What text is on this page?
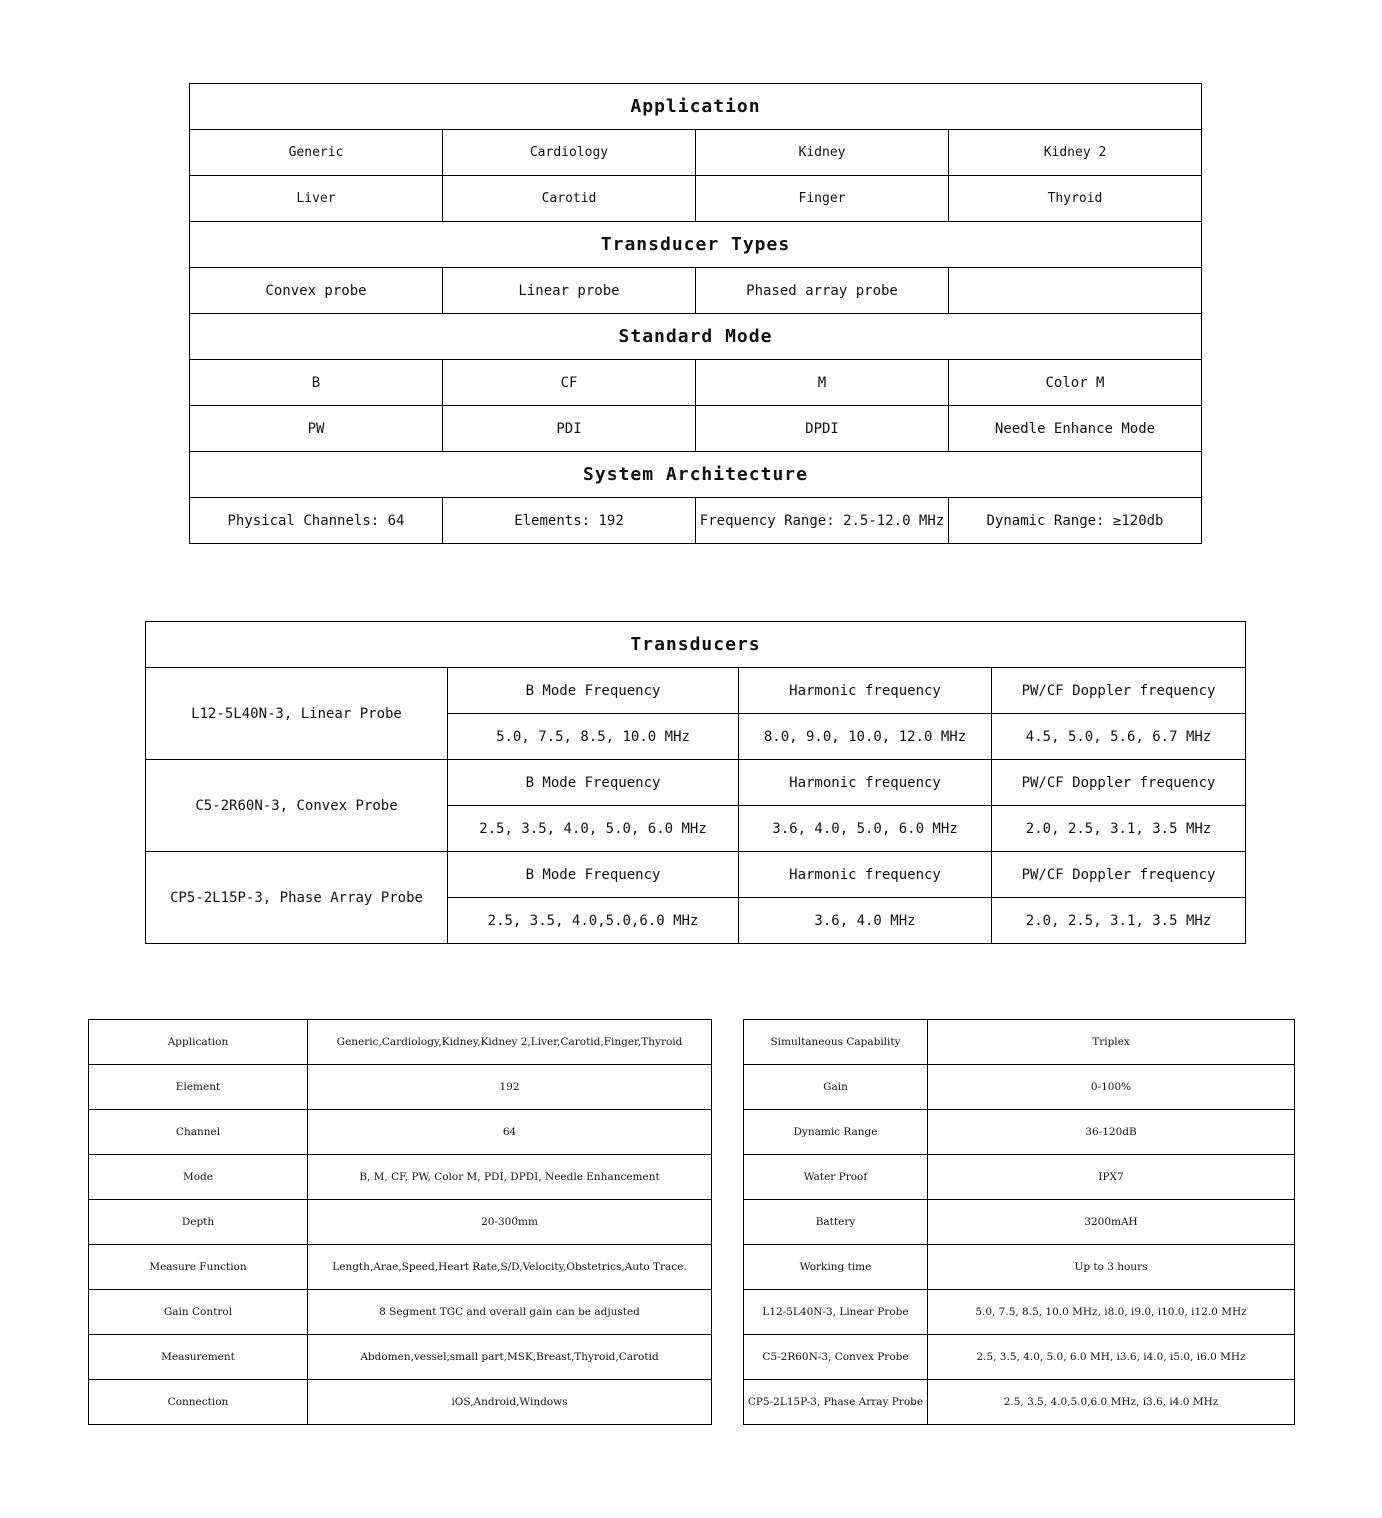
Application			
Generic	Cardiology	Kidney	Kidney 2
Liver	Carotid	Finger	Thyroid
Transducer Types			
Convex probe	Linear probe	Phased array probe	
Standard Mode			
B	CF	M	Color M
PW	PDI	DPDI	Needle Enhance Mode
System Architecture			
Physical Channels: 64	Elements: 192	Frequency Range: 2.5-12.0 MHz	Dynamic Range: ≥120db
Transducers			
L12-5L40N-3, Linear Probe	B Mode Frequency	Harmonic frequency	PW/CF Doppler frequency
	5.0, 7.5, 8.5, 10.0 MHz	8.0, 9.0, 10.0, 12.0 MHz	4.5, 5.0, 5.6, 6.7 MHz
C5-2R60N-3, Convex Probe	B Mode Frequency	Harmonic frequency	PW/CF Doppler frequency
	2.5, 3.5, 4.0, 5.0, 6.0 MHz	3.6, 4.0, 5.0, 6.0 MHz	2.0, 2.5, 3.1, 3.5 MHz
CP5-2L15P-3, Phase Array Probe	B Mode Frequency	Harmonic frequency	PW/CF Doppler frequency
	2.5, 3.5, 4.0,5.0,6.0 MHz	3.6, 4.0 MHz	2.0, 2.5, 3.1, 3.5 MHz
Application	Generic,Cardiology,Kidney,Kidney 2,Liver,Carotid,Finger,Thyroid
Element	192
Channel	64
Mode	B, M, CF, PW, Color M, PDI, DPDI, Needle Enhancement
Depth	20-300mm
Measure Function	Length,Arae,Speed,Heart Rate,S/D,Velocity,Obstetrics,Auto Trace.
Gain Control	8 Segment TGC and overall gain can be adjusted
Measurement	Abdomen,vessel,small part,MSK,Breast,Thyroid,Carotid
Connection	iOS,Android,Windows
Simultaneous Capability	Triplex
Gain	0-100%
Dynamic Range	36-120dB
Water Proof	IPX7
Battery	3200mAH
Working time	Up to 3 hours
L12-5L40N-3, Linear Probe	5.0, 7.5, 8.5, 10.0 MHz, i8.0, i9.0, i10.0, i12.0 MHz
C5-2R60N-3, Convex Probe	2.5, 3.5, 4.0, 5.0, 6.0 MH, i3.6, i4.0, i5.0, i6.0 MHz
CP5-2L15P-3, Phase Array Probe	2.5, 3.5, 4.0,5.0,6.0 MHz, i3.6, i4.0 MHz
